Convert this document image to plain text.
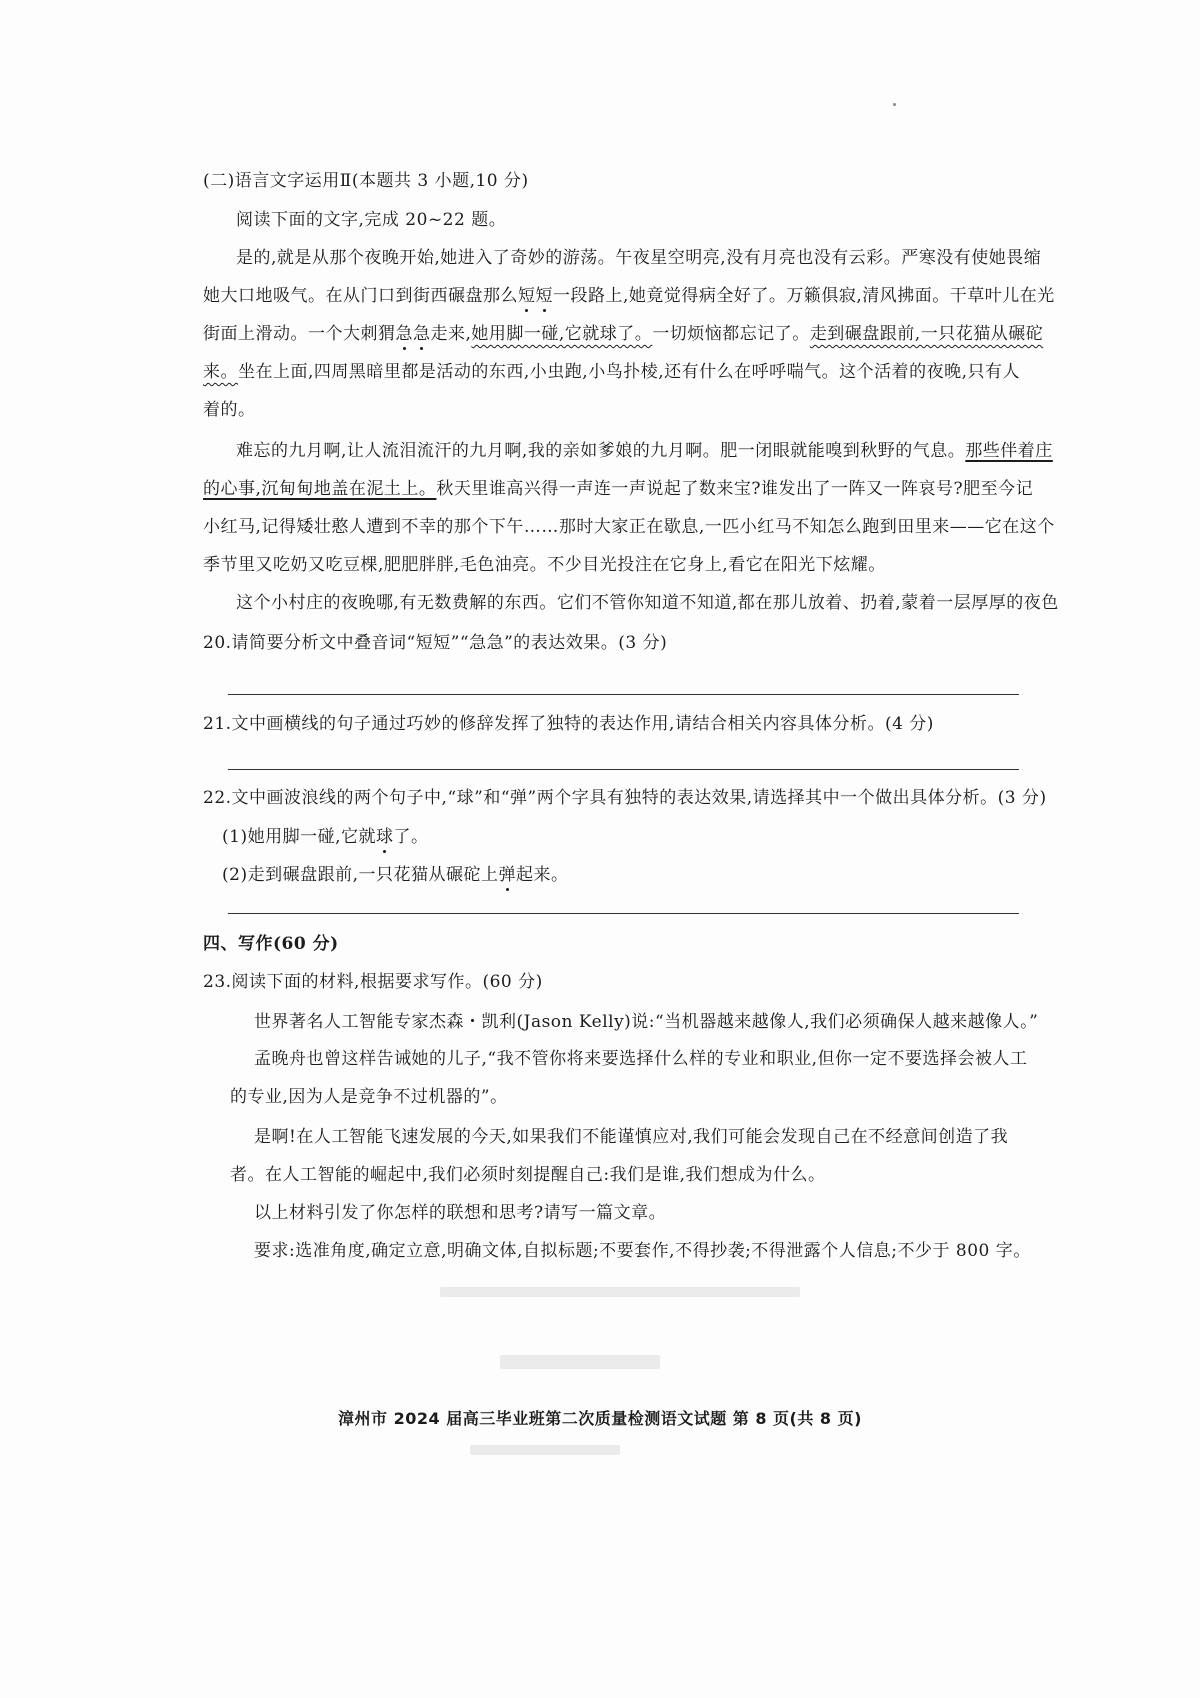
(二)语言文字运用Ⅱ(本题共 3 小题,10 分)
阅读下面的文字,完成 20~22 题。
是的,就是从那个夜晚开始,她进入了奇妙的游荡。午夜星空明亮,没有月亮也没有云彩。严寒没有使她畏缩
她大口地吸气。在从门口到街西碾盘那么短短一段路上,她竟觉得病全好了。万籁俱寂,清风拂面。干草叶儿在光
街面上滑动。一个大刺猬急急走来,她用脚一碰,它就球了。一切烦恼都忘记了。走到碾盘跟前,一只花猫从碾砣
来。坐在上面,四周黑暗里都是活动的东西,小虫跑,小鸟扑棱,还有什么在呼呼喘气。这个活着的夜晚,只有人
着的。
难忘的九月啊,让人流泪流汗的九月啊,我的亲如爹娘的九月啊。肥一闭眼就能嗅到秋野的气息。那些伴着庄
的心事,沉甸甸地盖在泥土上。秋天里谁高兴得一声连一声说起了数来宝?谁发出了一阵又一阵哀号?肥至今记
小红马,记得矮壮憨人遭到不幸的那个下午……那时大家正在歇息,一匹小红马不知怎么跑到田里来——它在这个
季节里又吃奶又吃豆棵,肥肥胖胖,毛色油亮。不少目光投注在它身上,看它在阳光下炫耀。
这个小村庄的夜晚哪,有无数费解的东西。它们不管你知道不知道,都在那儿放着、扔着,蒙着一层厚厚的夜色
20.请简要分析文中叠音词“短短”“急急”的表达效果。(3 分)
21.文中画横线的句子通过巧妙的修辞发挥了独特的表达作用,请结合相关内容具体分析。(4 分)
22.文中画波浪线的两个句子中,“球”和“弹”两个字具有独特的表达效果,请选择其中一个做出具体分析。(3 分)
(1)她用脚一碰,它就球了。
(2)走到碾盘跟前,一只花猫从碾砣上弹起来。
四、写作(60 分)
23.阅读下面的材料,根据要求写作。(60 分)
世界著名人工智能专家杰森・凯利(Jason Kelly)说:“当机器越来越像人,我们必须确保人越来越像人。”
孟晚舟也曾这样告诫她的儿子,“我不管你将来要选择什么样的专业和职业,但你一定不要选择会被人工
的专业,因为人是竞争不过机器的”。
是啊!在人工智能飞速发展的今天,如果我们不能谨慎应对,我们可能会发现自己在不经意间创造了我
者。在人工智能的崛起中,我们必须时刻提醒自己:我们是谁,我们想成为什么。
以上材料引发了你怎样的联想和思考?请写一篇文章。
要求:选准角度,确定立意,明确文体,自拟标题;不要套作,不得抄袭;不得泄露个人信息;不少于 800 字。
漳州市 2024 届高三毕业班第二次质量检测语文试题 第 8 页(共 8 页)
